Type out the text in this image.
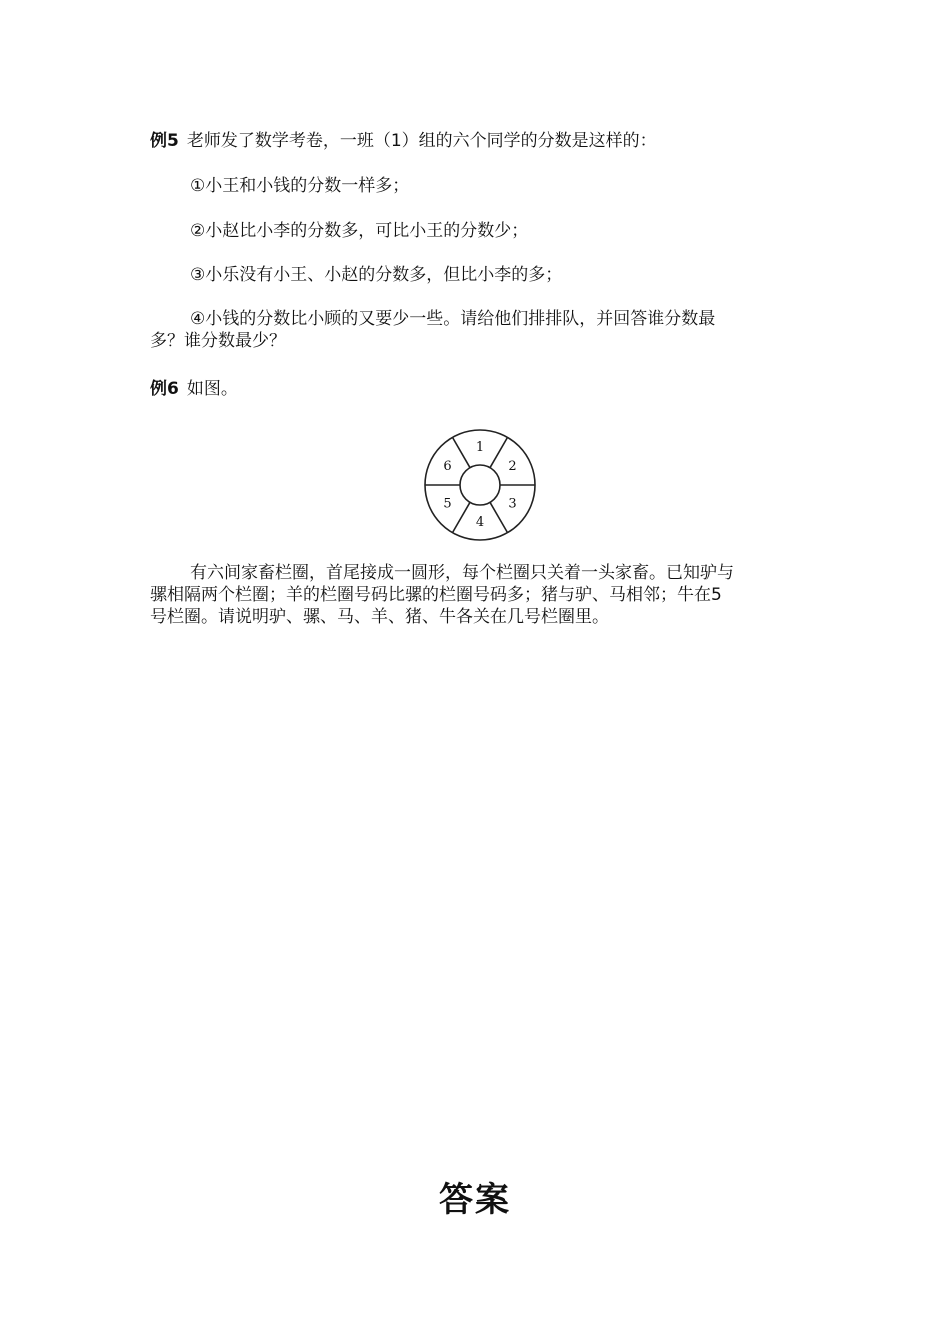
例5 老师发了数学考卷，一班（1）组的六个同学的分数是这样的：
①小王和小钱的分数一样多；
②小赵比小李的分数多，可比小王的分数少；
③小乐没有小王、小赵的分数多，但比小李的多；
④小钱的分数比小顾的又要少一些。请给他们排排队，并回答谁分数最
多？谁分数最少？
例6 如图。
1
2
3
4
5
6
有六间家畜栏圈，首尾接成一圆形，每个栏圈只关着一头家畜。已知驴与
骡相隔两个栏圈；羊的栏圈号码比骡的栏圈号码多；猪与驴、马相邻；牛在5
号栏圈。请说明驴、骡、马、羊、猪、牛各关在几号栏圈里。
答案
